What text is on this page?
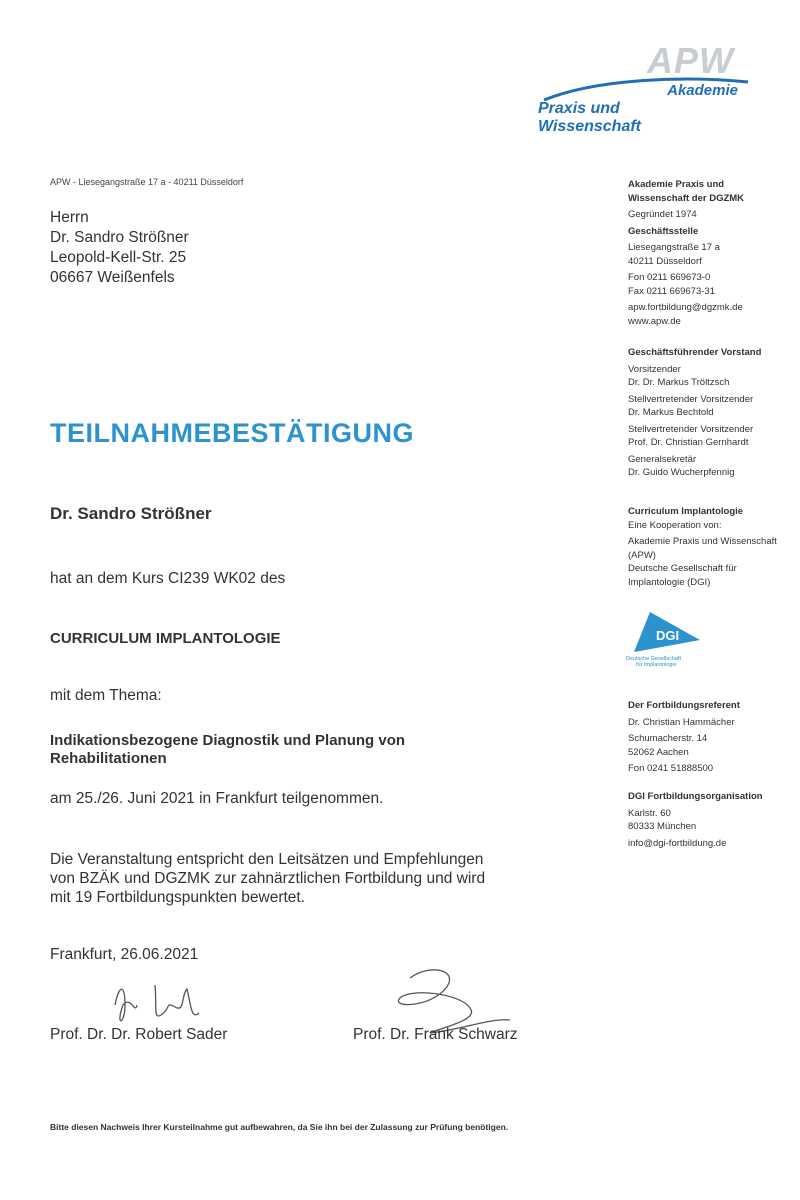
APW
Akademie
Praxis und Wissenschaft
APW - Liesegangstraße 17 a - 40211 Düsseldorf
Herrn
Dr. Sandro Strößner
Leopold-Kell-Str. 25
06667 Weißenfels
TEILNAHMEBESTÄTIGUNG
Dr. Sandro Strößner
hat an dem Kurs CI239 WK02 des
CURRICULUM IMPLANTOLOGIE
mit dem Thema:
Indikationsbezogene Diagnostik und Planung von
Rehabilitationen
am 25./26. Juni 2021 in Frankfurt teilgenommen.
Die Veranstaltung entspricht den Leitsätzen und Empfehlungen
von BZÄK und DGZMK zur zahnärztlichen Fortbildung und wird
mit 19 Fortbildungspunkten bewertet.
Frankfurt, 26.06.2021
Prof. Dr. Dr. Robert Sader	Prof. Dr. Frank Schwarz
Bitte diesen Nachweis Ihrer Kursteilnahme gut aufbewahren, da Sie ihn bei der Zulassung zur Prüfung benötigen.
Akademie Praxis und
Wissenschaft der DGZMK
Gegründet 1974
Geschäftsstelle
Liesegangstraße 17 a
40211 Düsseldorf
Fon 0211 669673-0
Fax 0211 669673-31
apw.fortbildung@dgzmk.de
www.apw.de
Geschäftsführender Vorstand
Vorsitzender
Dr. Dr. Markus Tröltzsch
Stellvertretender Vorsitzender
Dr. Markus Bechtold
Stellvertretender Vorsitzender
Prof. Dr. Christian Gernhardt
Generalsekretär
Dr. Guido Wucherpfennig
Curriculum Implantologie
Eine Kooperation von:
Akademie Praxis und Wissenschaft
(APW)
Deutsche Gesellschaft für
Implantologie (DGI)
DGI
Deutsche Gesellschaft
für Implantologie
Der Fortbildungsreferent
Dr. Christian Hammächer
Schumacherstr. 14
52062 Aachen
Fon 0241 51888500
DGI Fortbildungsorganisation
Karlstr. 60
80333 München
info@dgi-fortbildung.de
